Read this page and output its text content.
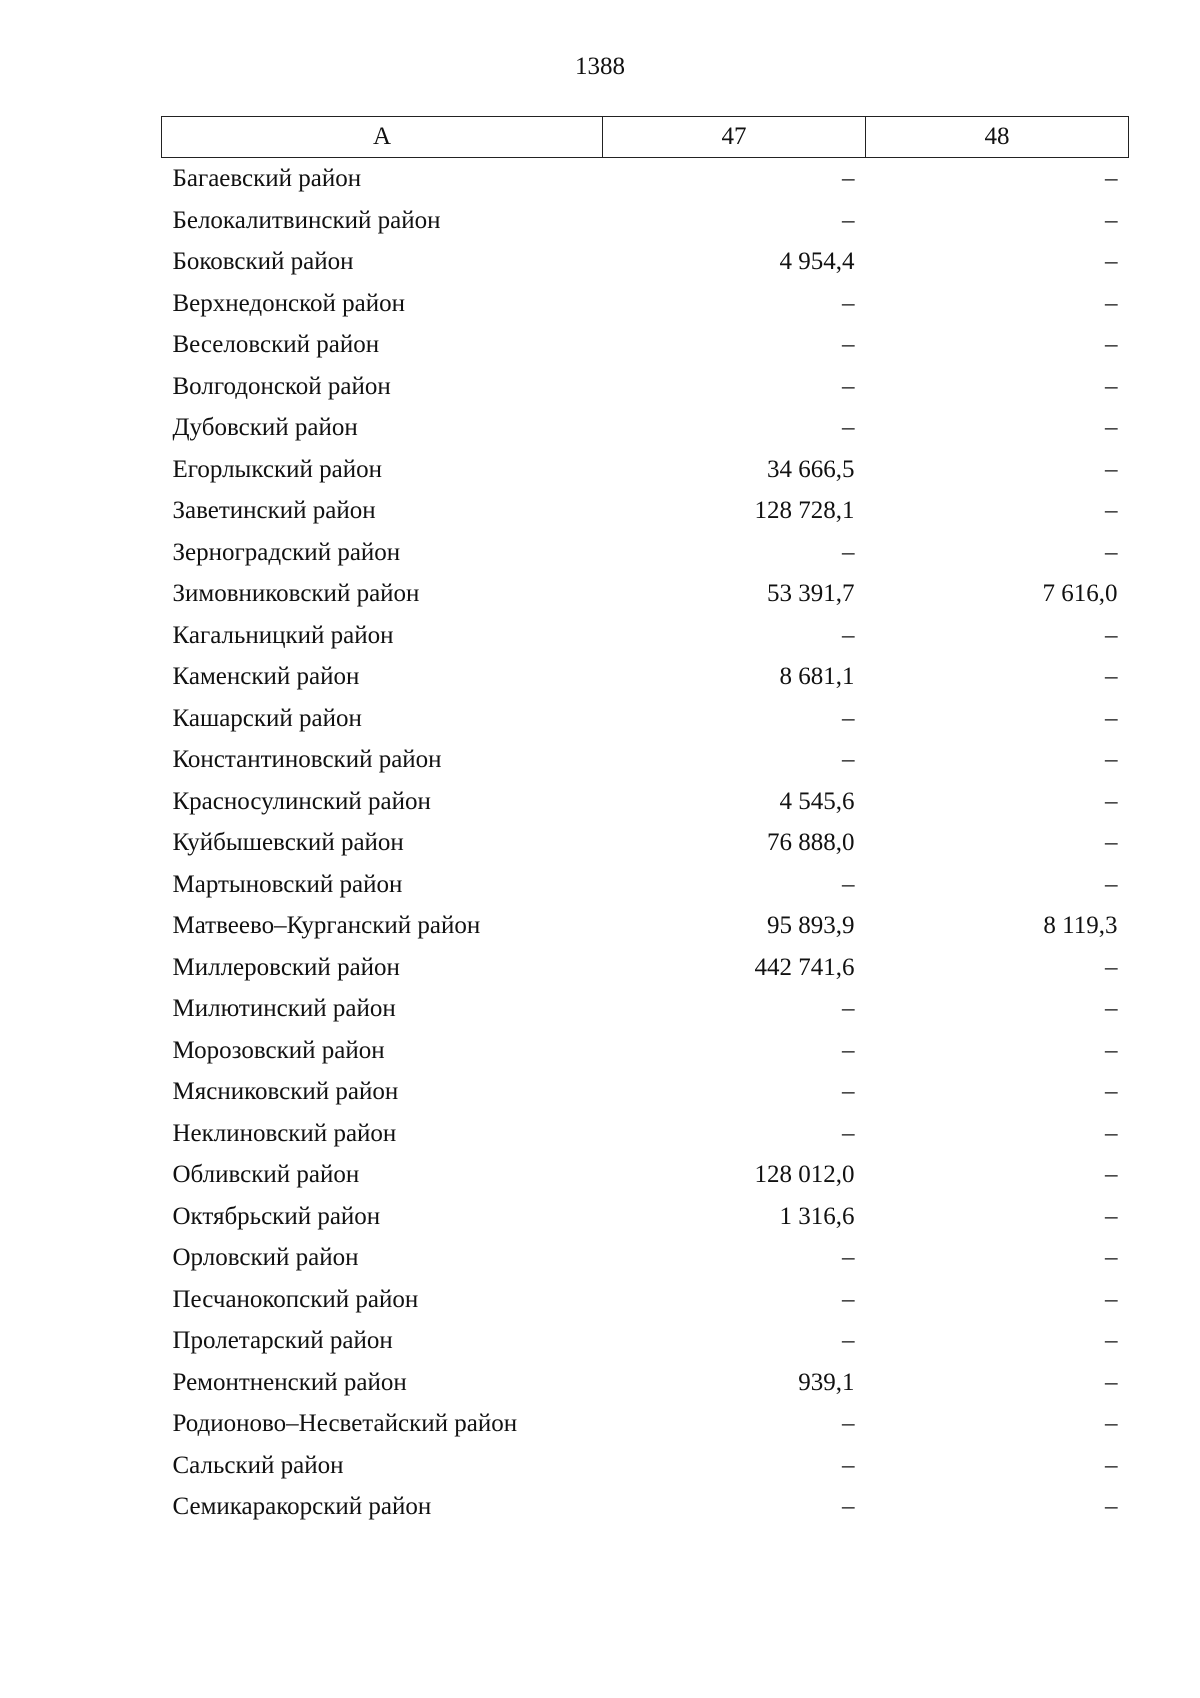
1388
А	47	48
Багаевский район	–	–
Белокалитвинский район	–	–
Боковский район	4 954,4	–
Верхнедонской район	–	–
Веселовский район	–	–
Волгодонской район	–	–
Дубовский район	–	–
Егорлыкский район	34 666,5	–
Заветинский район	128 728,1	–
Зерноградский район	–	–
Зимовниковский район	53 391,7	7 616,0
Кагальницкий район	–	–
Каменский район	8 681,1	–
Кашарский район	–	–
Константиновский район	–	–
Красносулинский район	4 545,6	–
Куйбышевский район	76 888,0	–
Мартыновский район	–	–
Матвеево–Курганский район	95 893,9	8 119,3
Миллеровский район	442 741,6	–
Милютинский район	–	–
Морозовский район	–	–
Мясниковский район	–	–
Неклиновский район	–	–
Обливский район	128 012,0	–
Октябрьский район	1 316,6	–
Орловский район	–	–
Песчанокопский район	–	–
Пролетарский район	–	–
Ремонтненский район	939,1	–
Родионово–Несветайский район	–	–
Сальский район	–	–
Семикаракорский район	–	–
